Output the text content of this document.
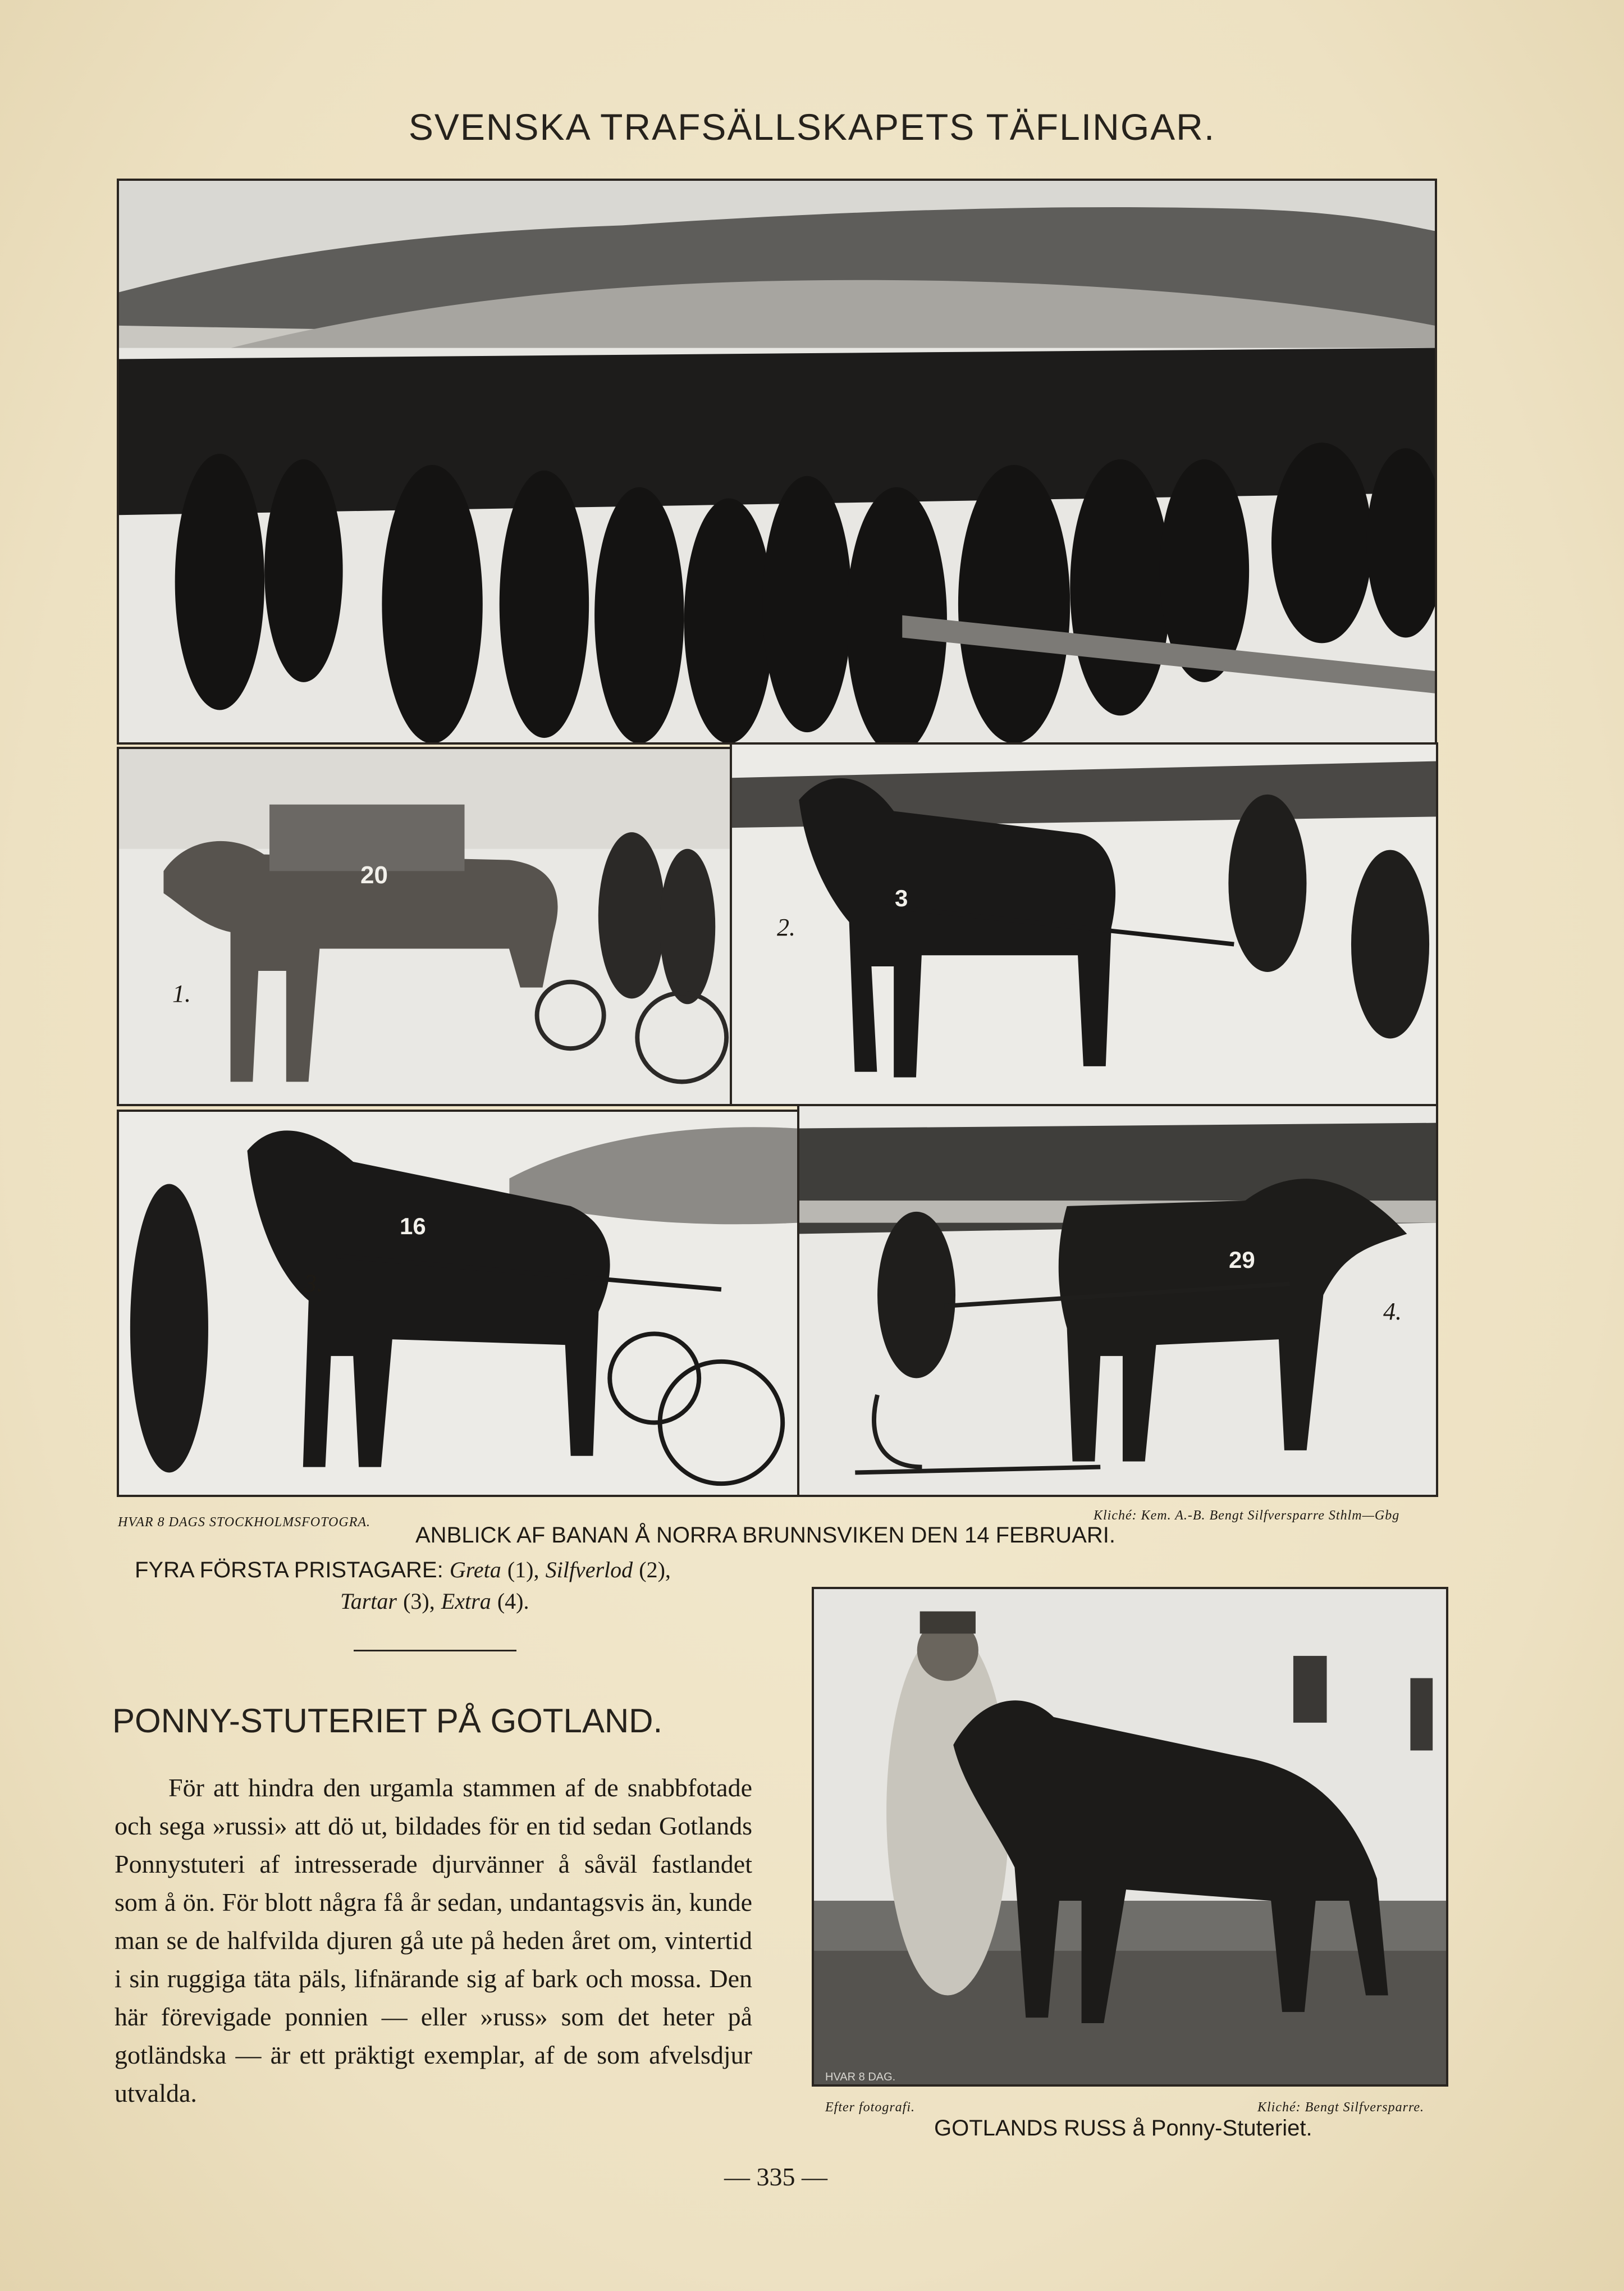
SVENSKA TRAFSÄLLSKAPETS TÄFLINGAR.
20
1.
3
2.
16
3.
29
4.
HVAR 8 DAGS STOCKHOLMSFOTOGRA.	Kliché: Kem. A.-B. Bengt Silfversparre Sthlm—Gbg
ANBLICK AF BANAN Å NORRA BRUNNSVIKEN DEN 14 FEBRUARI.
FYRA FÖRSTA PRISTAGARE: Greta (1), Silfverlod (2),
Tartar (3), Extra (4).
PONNY-STUTERIET PÅ GOTLAND.
För att hindra den urgamla stammen af de snabbfotade och sega »russi» att dö ut, bildades för en tid sedan Gotlands Ponnystuteri af intresserade djurvänner å såväl fastlandet som å ön. För blott några få år sedan, undantagsvis än, kunde man se de halfvilda djuren gå ute på heden året om, vintertid i sin ruggiga täta päls, lifnärande sig af bark och mossa. Den här förevigade ponnien — eller »russ» som det heter på gotländska — är ett präktigt exemplar, af de som afvelsdjur utvalda.
HVAR 8 DAG.
Efter fotografi.	Kliché: Bengt Silfversparre.
GOTLANDS RUSS å Ponny-Stuteriet.
— 335 —
